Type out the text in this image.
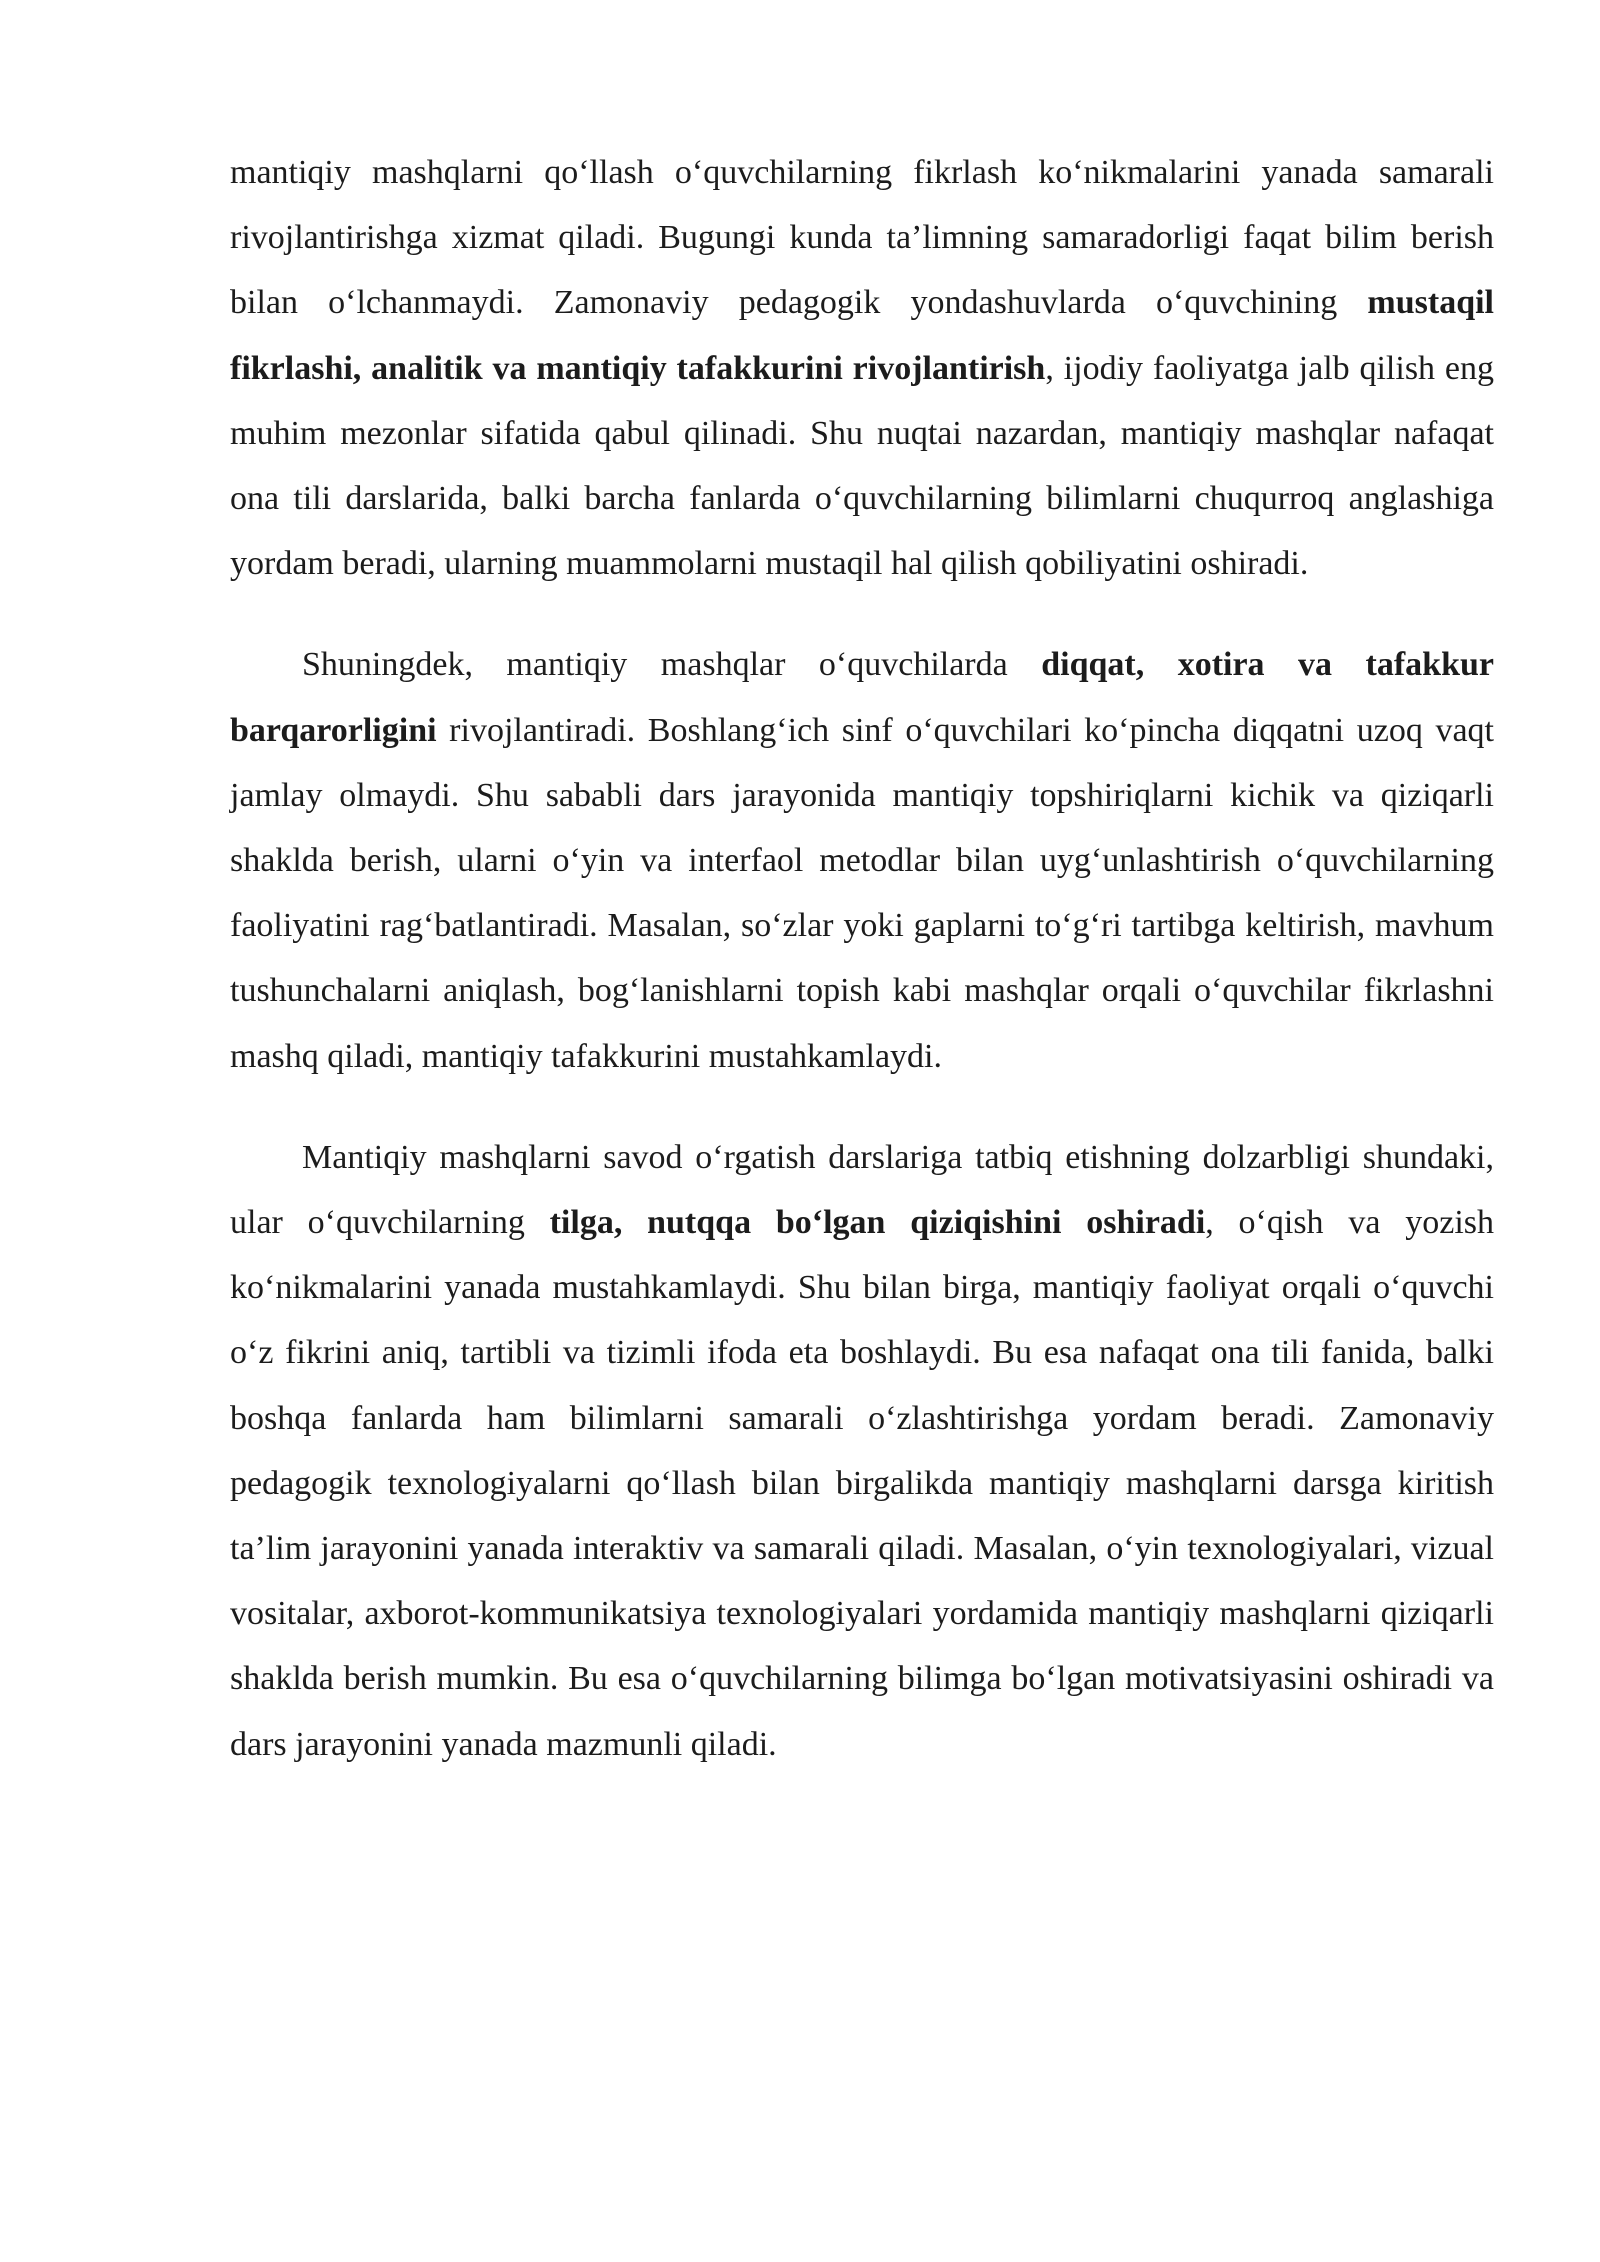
mantiqiy mashqlarni qo‘llash o‘quvchilarning fikrlash ko‘nikmalarini yanada samarali rivojlantirishga xizmat qiladi. Bugungi kunda ta’limning samaradorligi faqat bilim berish bilan o‘lchanmaydi. Zamonaviy pedagogik yondashuvlarda o‘quvchining mustaqil fikrlashi, analitik va mantiqiy tafakkurini rivojlantirish, ijodiy faoliyatga jalb qilish eng muhim mezonlar sifatida qabul qilinadi. Shu nuqtai nazardan, mantiqiy mashqlar nafaqat ona tili darslarida, balki barcha fanlarda o‘quvchilarning bilimlarni chuqurroq anglashiga yordam beradi, ularning muammolarni mustaqil hal qilish qobiliyatini oshiradi.

Shuningdek, mantiqiy mashqlar o‘quvchilarda diqqat, xotira va tafakkur barqarorligini rivojlantiradi. Boshlang‘ich sinf o‘quvchilari ko‘pincha diqqatni uzoq vaqt jamlay olmaydi. Shu sababli dars jarayonida mantiqiy topshiriqlarni kichik va qiziqarli shaklda berish, ularni o‘yin va interfaol metodlar bilan uyg‘unlashtirish o‘quvchilarning faoliyatini rag‘batlantiradi. Masalan, so‘zlar yoki gaplarni to‘g‘ri tartibga keltirish, mavhum tushunchalarni aniqlash, bog‘lanishlarni topish kabi mashqlar orqali o‘quvchilar fikrlashni mashq qiladi, mantiqiy tafakkurini mustahkamlaydi.

Mantiqiy mashqlarni savod o‘rgatish darslariga tatbiq etishning dolzarbligi shundaki, ular o‘quvchilarning tilga, nutqqa bo‘lgan qiziqishini oshiradi, o‘qish va yozish ko‘nikmalarini yanada mustahkamlaydi. Shu bilan birga, mantiqiy faoliyat orqali o‘quvchi o‘z fikrini aniq, tartibli va tizimli ifoda eta boshlaydi. Bu esa nafaqat ona tili fanida, balki boshqa fanlarda ham bilimlarni samarali o‘zlashtirishga yordam beradi. Zamonaviy pedagogik texnologiyalarni qo‘llash bilan birgalikda mantiqiy mashqlarni darsga kiritish ta’lim jarayonini yanada interaktiv va samarali qiladi. Masalan, o‘yin texnologiyalari, vizual vositalar, axborot-kommunikatsiya texnologiyalari yordamida mantiqiy mashqlarni qiziqarli shaklda berish mumkin. Bu esa o‘quvchilarning bilimga bo‘lgan motivatsiyasini oshiradi va dars jarayonini yanada mazmunli qiladi.
